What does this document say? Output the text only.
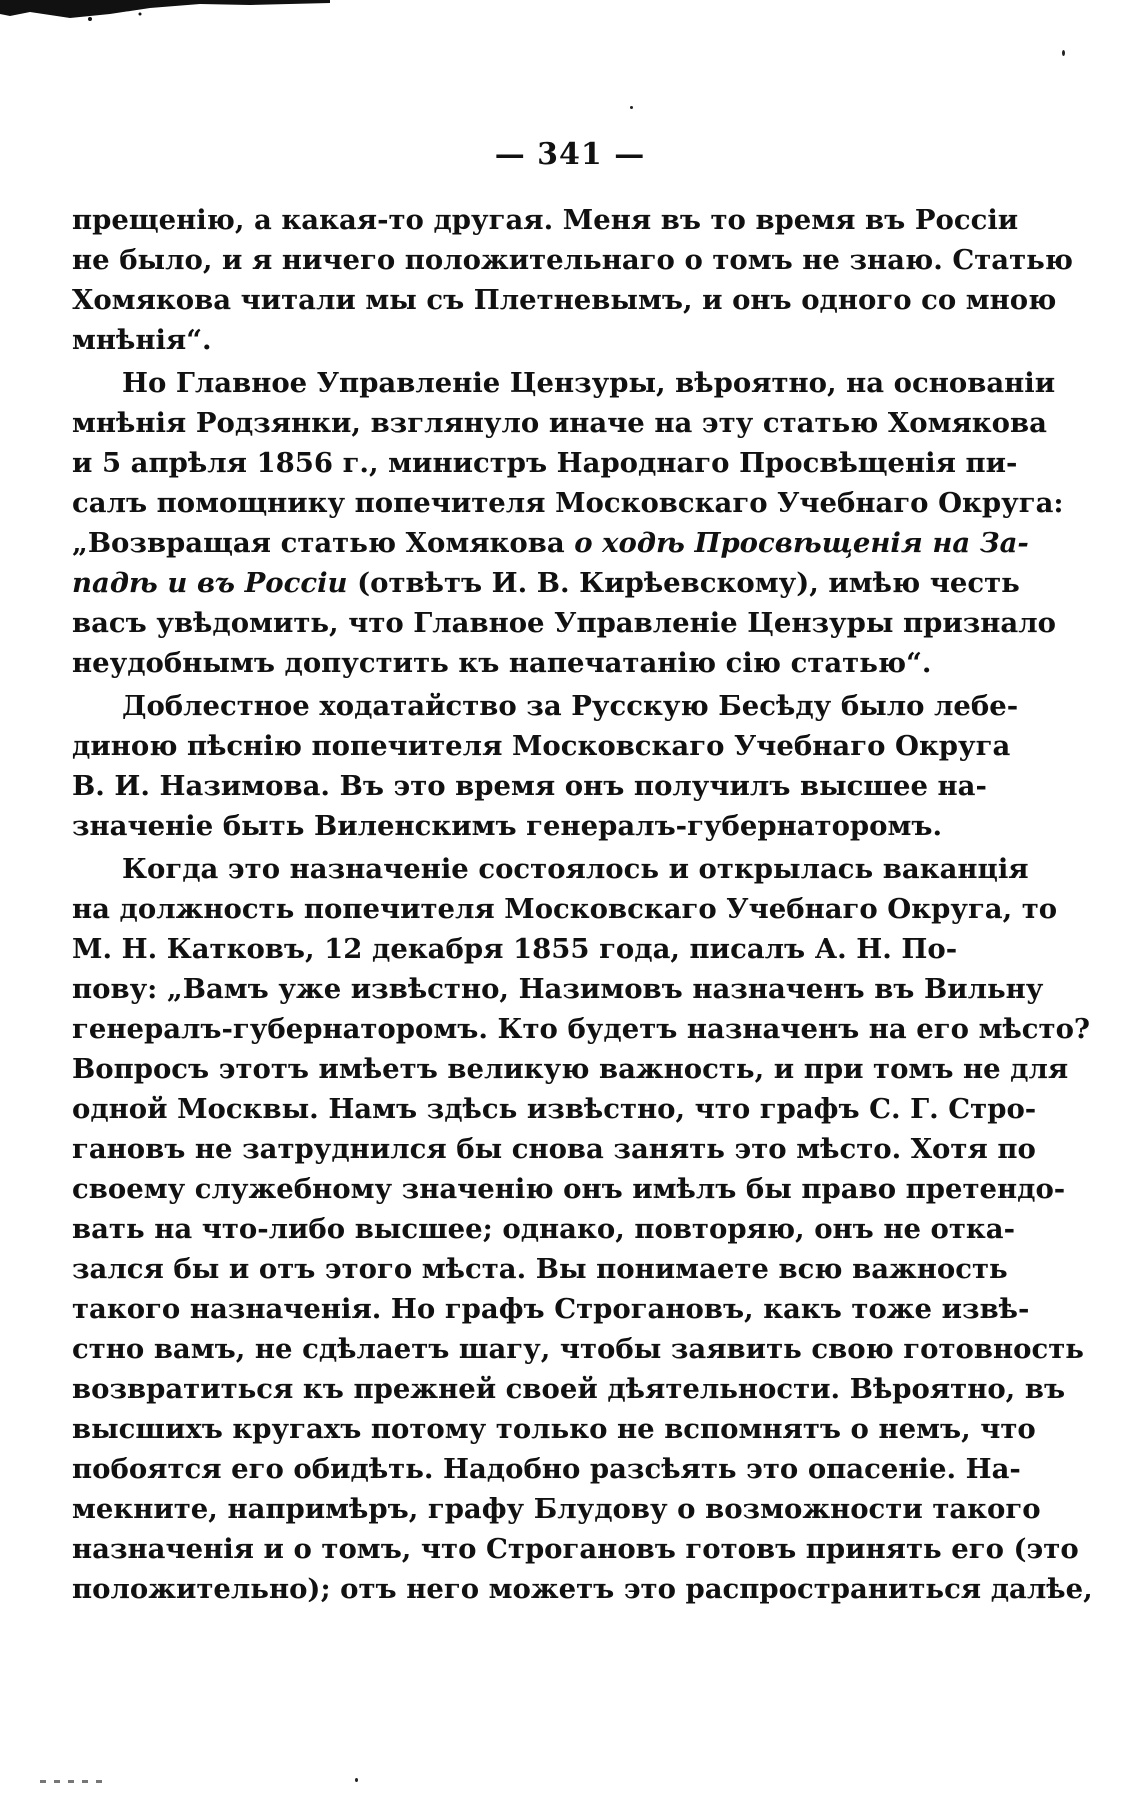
— 341 —
прещенію, а какая-то другая. Меня въ то время въ Россіи
не было, и я ничего положительнаго о томъ не знаю. Статью
Хомякова читали мы съ Плетневымъ, и онъ одного со мною
мнѣнія“.
Но Главное Управленіе Цензуры, вѣроятно, на основаніи
мнѣнія Родзянки, взглянуло иначе на эту статью Хомякова
и 5 апрѣля 1856 г., министръ Народнаго Просвѣщенія пи-
салъ помощнику попечителя Московскаго Учебнаго Округа:
„Возвращая статью Хомякова о ходѣ Просвѣщенія на За-
падѣ и въ Россіи (отвѣтъ И. В. Кирѣевскому), имѣю честь
васъ увѣдомить, что Главное Управленіе Цензуры признало
неудобнымъ допустить къ напечатанію сію статью“.
Доблестное ходатайство за Русскую Бесѣду было лебе-
диною пѣснію попечителя Московскаго Учебнаго Округа
В. И. Назимова. Въ это время онъ получилъ высшее на-
значеніе быть Виленскимъ генералъ-губернаторомъ.
Когда это назначеніе состоялось и открылась ваканція
на должность попечителя Московскаго Учебнаго Округа, то
М. Н. Катковъ, 12 декабря 1855 года, писалъ А. Н. По-
пову: „Вамъ уже извѣстно, Назимовъ назначенъ въ Вильну
генералъ-губернаторомъ. Кто будетъ назначенъ на его мѣсто?
Вопросъ этотъ имѣетъ великую важность, и при томъ не для
одной Москвы. Намъ здѣсь извѣстно, что графъ С. Г. Стро-
гановъ не затруднился бы снова занять это мѣсто. Хотя по
своему служебному значенію онъ имѣлъ бы право претендо-
вать на что-либо высшее; однако, повторяю, онъ не отка-
зался бы и отъ этого мѣста. Вы понимаете всю важность
такого назначенія. Но графъ Строгановъ, какъ тоже извѣ-
стно вамъ, не сдѣлаетъ шагу, чтобы заявить свою готовность
возвратиться къ прежней своей дѣятельности. Вѣроятно, въ
высшихъ кругахъ потому только не вспомнятъ о немъ, что
побоятся его обидѣть. Надобно разсѣять это опасеніе. На-
мекните, напримѣръ, графу Блудову о возможности такого
назначенія и о томъ, что Строгановъ готовъ принять его (это
положительно); отъ него можетъ это распространиться далѣе,
